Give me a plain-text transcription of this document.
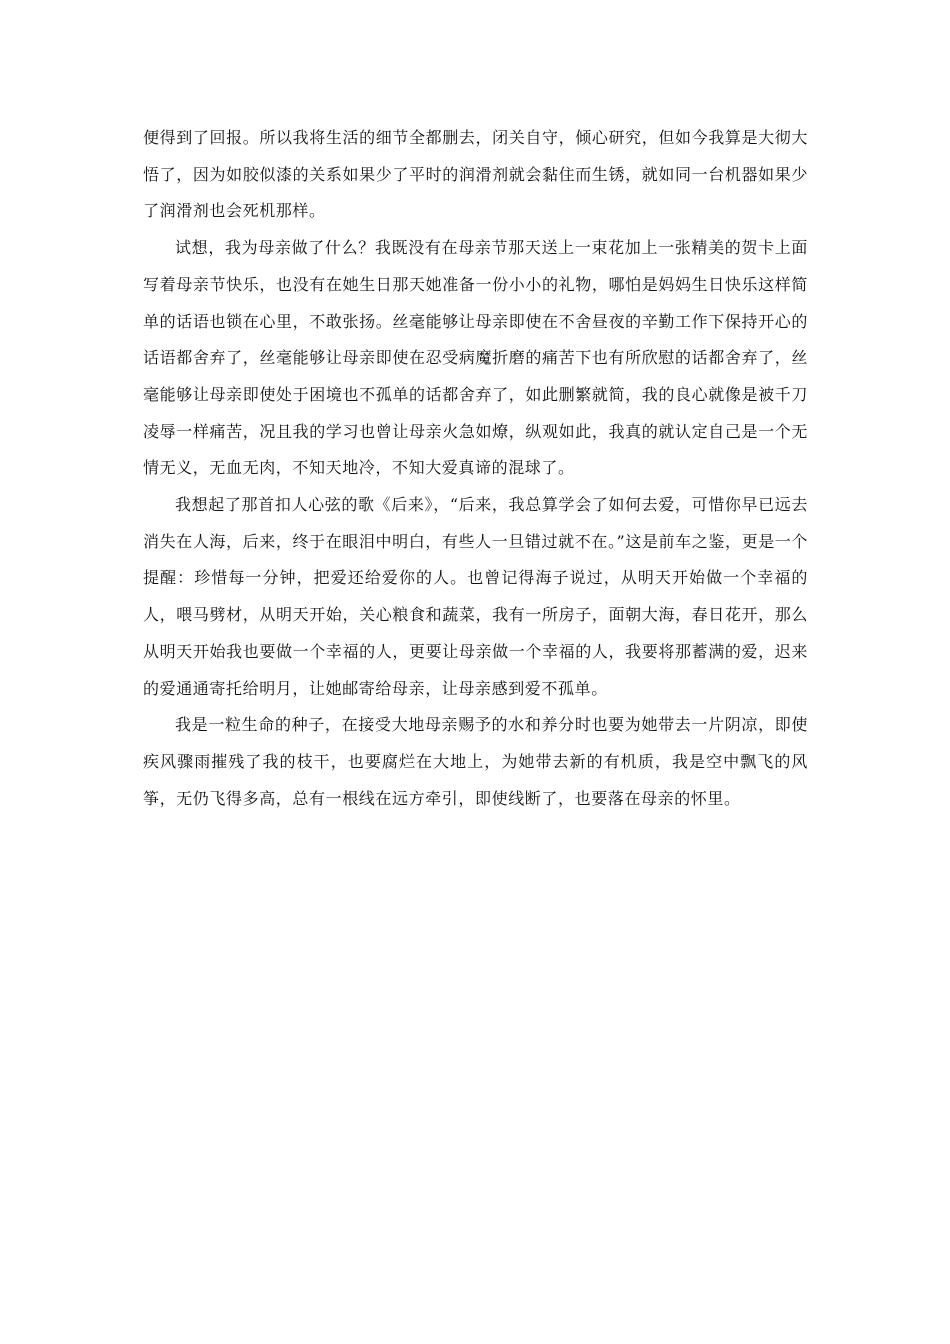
便得到了回报。所以我将生活的细节全都删去，闭关自守，倾心研究，但如今我算是大彻大悟了，因为如胶似漆的关系如果少了平时的润滑剂就会黏住而生锈，就如同一台机器如果少了润滑剂也会死机那样。

试想，我为母亲做了什么？我既没有在母亲节那天送上一束花加上一张精美的贺卡上面写着母亲节快乐，也没有在她生日那天她准备一份小小的礼物，哪怕是妈妈生日快乐这样简单的话语也锁在心里，不敢张扬。丝毫能够让母亲即使在不舍昼夜的辛勤工作下保持开心的话语都舍弃了，丝毫能够让母亲即使在忍受病魔折磨的痛苦下也有所欣慰的话都舍弃了，丝毫能够让母亲即使处于困境也不孤单的话都舍弃了，如此删繁就简，我的良心就像是被千刀凌辱一样痛苦，况且我的学习也曾让母亲火急如燎，纵观如此，我真的就认定自己是一个无情无义，无血无肉，不知天地冷，不知大爱真谛的混球了。

我想起了那首扣人心弦的歌《后来》，“后来，我总算学会了如何去爱，可惜你早已远去消失在人海，后来，终于在眼泪中明白，有些人一旦错过就不在。”这是前车之鉴，更是一个提醒：珍惜每一分钟，把爱还给爱你的人。也曾记得海子说过，从明天开始做一个幸福的人，喂马劈材，从明天开始，关心粮食和蔬菜，我有一所房子，面朝大海，春日花开，那么从明天开始我也要做一个幸福的人，更要让母亲做一个幸福的人，我要将那蓄满的爱，迟来的爱通通寄托给明月，让她邮寄给母亲，让母亲感到爱不孤单。

我是一粒生命的种子，在接受大地母亲赐予的水和养分时也要为她带去一片阴凉，即使疾风骤雨摧残了我的枝干，也要腐烂在大地上，为她带去新的有机质，我是空中飘飞的风筝，无仍飞得多高，总有一根线在远方牵引，即使线断了，也要落在母亲的怀里。
